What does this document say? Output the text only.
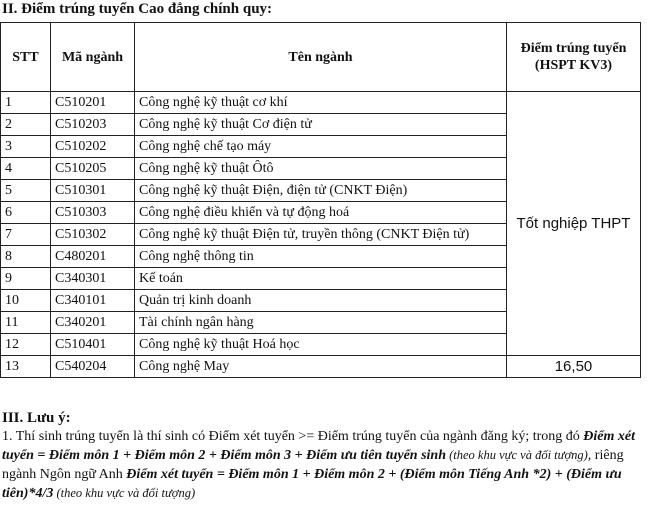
II. Điểm trúng tuyển Cao đẳng chính quy:
STT	Mã ngành	Tên ngành	Điểm trúng tuyển (HSPT KV3)
1	C510201	Công nghệ kỹ thuật cơ khí	Tốt nghiệp THPT
2	C510203	Công nghệ kỹ thuật Cơ điện tử	
3	C510202	Công nghệ chế tạo máy	
4	C510205	Công nghệ kỹ thuật Ôtô	
5	C510301	Công nghệ kỹ thuật Điện, điện tử (CNKT Điện)	
6	C510303	Công nghệ điều khiển và tự động hoá	
7	C510302	Công nghệ kỹ thuật Điện tử, truyền thông (CNKT Điện tử)	
8	C480201	Công nghệ thông tin	
9	C340301	Kế toán	
10	C340101	Quản trị kinh doanh	
11	C340201	Tài chính ngân hàng	
12	C510401	Công nghệ kỹ thuật Hoá học	
13	C540204	Công nghệ May	16,50
III. Lưu ý:
1. Thí sinh trúng tuyển là thí sinh có Điểm xét tuyển >= Điểm trúng tuyển của ngành đăng ký; trong đó Điểm xét tuyển = Điểm môn 1 + Điểm môn 2 + Điểm môn 3 + Điểm ưu tiên tuyển sinh (theo khu vực và đối tượng), riêng ngành Ngôn ngữ Anh Điểm xét tuyển = Điểm môn 1 + Điểm môn 2 + (Điểm môn Tiếng Anh *2) + (Điểm ưu tiên)*4/3 (theo khu vực và đối tượng)
